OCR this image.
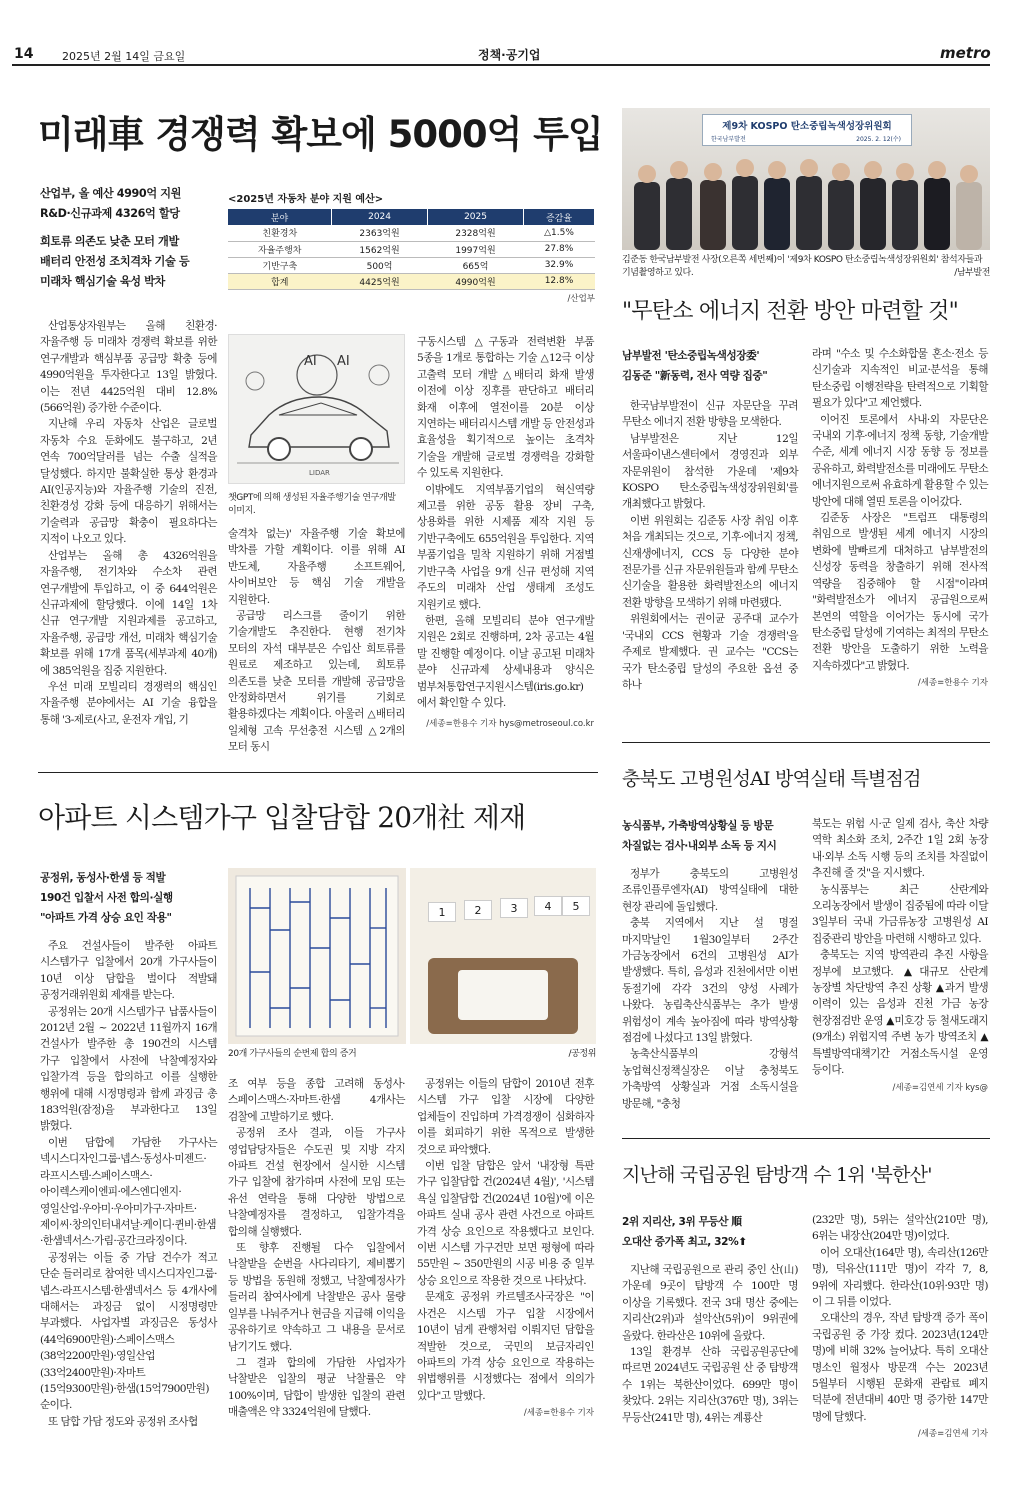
14	2025년 2월 14일 금요일	정책·공기업	metro
미래車 경쟁력 확보에 5000억 투입
산업부, 올 예산 4990억 지원
R&D·신규과제 4326억 할당
희토류 의존도 낮춘 모터 개발
배터리 안전성 조치격차 기술 등
미래차 핵심기술 육성 박차
<2025년 자동차 분야 지원 예산>
분야	2024	2025	증감율
친환경차	2363억원	2328억원	△1.5%
자율주행차	1562억원	1997억원	27.8%
기반구축	500억	665억	32.9%
합계	4425억원	4990억원	12.8%
/산업부

산업통상자원부는 올해 친환경·자율주행 등 미래차 경쟁력 확보를 위한 연구개발과 핵심부품 공급망 확충 등에 4990억원을 투자한다고 13일 밝혔다. 이는 전년 4425억원 대비 12.8% (566억원) 증가한 수준이다.

지난해 우리 자동차 산업은 글로벌 자동차 수요 둔화에도 불구하고, 2년 연속 700억달러를 넘는 수출 실적을 달성했다. 하지만 불확실한 통상 환경과 AI(인공지능)와 자율주행 기술의 진전, 친환경성 강화 등에 대응하기 위해서는 기술력과 공급망 확충이 필요하다는 지적이 나오고 있다.

산업부는 올해 총 4326억원을 자율주행, 전기차와 수소차 관련 연구개발에 투입하고, 이 중 644억원은 신규과제에 할당했다. 이에 14일 1차 신규 연구개발 지원과제를 공고하고, 자율주행, 공급망 개선, 미래차 핵심기술 확보를 위해 17개 품목(세부과제 40개)에 385억원을 집중 지원한다.

우선 미래 모빌리티 경쟁력의 핵심인 자율주행 분야에서는 AI 기술 융합을 통해 '3-제로(사고, 운전자 개입, 기

AI AI
LIDAR
챗GPT에 의해 생성된 자율주행기술 연구개발 이미지.

술격차 없는)' 자율주행 기술 확보에 박차를 가할 계획이다. 이를 위해 AI 반도체, 자율주행 소프트웨어, 사이버보안 등 핵심 기술 개발을 지원한다.

공급망 리스크를 줄이기 위한 기술개발도 추진한다. 현행 전기차 모터의 자석 대부분은 수입산 희토류를 원료로 제조하고 있는데, 희토류 의존도를 낮춘 모터를 개발해 공급망을 안정화하면서 위기를 기회로 활용하겠다는 계획이다. 아울러 △배터리 일체형 고속 무선충전 시스템 △2개의 모터 동시

구동시스템 △구동과 전력변환 부품 5종을 1개로 통합하는 기술 △12극 이상 고출력 모터 개발 △배터리 화재 발생 이전에 이상 징후를 판단하고 배터리 화재 이후에 열전이를 20분 이상 지연하는 배터리시스템 개발 등 안전성과 효율성을 획기적으로 높이는 초격차 기술을 개발해 글로벌 경쟁력을 강화할 수 있도록 지원한다.

이밖에도 지역부품기업의 혁신역량 제고를 위한 공동 활용 장비 구축, 상용화를 위한 시제품 제작 지원 등 기반구축에도 655억원을 투입한다. 지역 부품기업을 밀착 지원하기 위해 거점별 기반구축 사업을 9개 신규 편성해 지역 주도의 미래차 산업 생태계 조성도 지원키로 했다.

한편, 올해 모빌리티 분야 연구개발 지원은 2회로 진행하며, 2차 공고는 4월 말 진행할 예정이다. 이날 공고된 미래차 분야 신규과제 상세내용과 양식은 범부처통합연구지원시스템(iris.go.kr)에서 확인할 수 있다.

/세종=한용수 기자 hys@metroseoul.co.kr
제9차 KOSPO 탄소중립녹색성장위원회
한국남부발전	2025. 2. 12(수)
김준동 한국남부발전 사장(오른쪽 세번째)이 '제9차 KOSPO 탄소중립녹색성장위원회' 참석자들과 기념촬영하고 있다.	/남부발전
"무탄소 에너지 전환 방안 마련할 것"
남부발전 '탄소중립녹색성장委'
김동준 "新동력, 전사 역량 집중"

한국남부발전이 신규 자문단을 꾸려 무탄소 에너지 전환 방향을 모색한다.

남부발전은 지난 12일 서울파이낸스센터에서 경영진과 외부 자문위원이 참석한 가운데 '제9차 KOSPO 탄소중립녹색성장위원회'를 개최했다고 밝혔다.

이번 위원회는 김준동 사장 취임 이후 처음 개최되는 것으로, 기후·에너지 정책, 신재생에너지, CCS 등 다양한 분야 전문가를 신규 자문위원들과 함께 무탄소 신기술을 활용한 화력발전소의 에너지 전환 방향을 모색하기 위해 마련됐다.

위원회에서는 권이균 공주대 교수가 '국내외 CCS 현황과 기술 경쟁력'을 주제로 발제했다. 권 교수는 "CCS는 국가 탄소중립 달성의 주요한 옵션 중 하나

라며 "수소 및 수소화합물 혼소·전소 등 신기술과 지속적인 비교·분석을 통해 탄소중립 이행전략을 탄력적으로 기획할 필요가 있다"고 제언했다.

이어진 토론에서 사내·외 자문단은 국내외 기후·에너지 정책 동향, 기술개발 수준, 세계 에너지 시장 동향 등 정보를 공유하고, 화력발전소를 미래에도 무탄소 에너지원으로써 유효하게 활용할 수 있는 방안에 대해 열띤 토론을 이어갔다.

김준동 사장은 "트럼프 대통령의 취임으로 발생된 세계 에너지 시장의 변화에 발빠르게 대처하고 남부발전의 신성장 동력을 창출하기 위해 전사적 역량을 집중해야 할 시점"이라며 "화력발전소가 에너지 공급원으로써 본연의 역할을 이어가는 동시에 국가 탄소중립 달성에 기여하는 최적의 무탄소 전환 방안을 도출하기 위한 노력을 지속하겠다"고 밝혔다.

/세종=한용수 기자
충북도 고병원성AI 방역실태 특별점검
농식품부, 가축방역상황실 등 방문
차질없는 검사·내외부 소독 등 지시

정부가 충북도의 고병원성 조류인플루엔자(AI) 방역실태에 대한 현장 관리에 돌입했다.

충북 지역에서 지난 설 명절 마지막날인 1월30일부터 2주간 가금농장에서 6건의 고병원성 AI가 발생했다. 특히, 음성과 진천에서만 이번 동절기에 각각 3건의 양성 사례가 나왔다. 농림축산식품부는 추가 발생 위험성이 계속 높아짐에 따라 방역상황 점검에 나섰다고 13일 밝혔다.

농축산식품부의 강형석 농업혁신정책실장은 이날 충청북도 가축방역 상황실과 거점 소독시설을 방문해, "충청

북도는 위험 시·군 일제 검사, 축산 차량 역학 최소화 조치, 2주간 1일 2회 농장 내·외부 소독 시행 등의 조치를 차질없이 추진해 줄 것"을 지시했다.

농식품부는 최근 산란계와 오리농장에서 발생이 집중됨에 따라 이달 3일부터 국내 가금류농장 고병원성 AI 집중관리 방안을 마련해 시행하고 있다.

충북도는 지역 방역관리 추진 사항을 정부에 보고했다. ▲대규모 산란계 농장별 차단방역 추진 상황 ▲과거 발생 이력이 있는 음성과 진천 가금 농장 현장점검반 운영 ▲미호강 등 철새도래지(9개소) 위험지역 주변 농가 방역조치 ▲특별방역대책기간 거점소독시설 운영 등이다.

/세종=김연세 기자 kys@
아파트 시스템가구 입찰담합 20개社 제재
공정위, 동성사·한샘 등 적발
190건 입찰서 사전 합의·실행
"아파트 가격 상승 요인 작용"

주요 건설사들이 발주한 아파트 시스템가구 입찰에서 20개 가구사들이 10년 이상 담합을 벌이다 적발돼 공정거래위원회 제재를 받는다.

공정위는 20개 시스템가구 납품사들이 2012년 2월 ~ 2022년 11월까지 16개 건설사가 발주한 총 190건의 시스템 가구 입찰에서 사전에 낙찰예정자와 입찰가격 등을 합의하고 이를 실행한 행위에 대해 시정명령과 함께 과징금 총 183억원(잠정)을 부과한다고 13일 밝혔다.

이번 담합에 가담한 가구사는 넥시스디자인그룹·넵스·동성사·미젠드·라프시스템·스페이스맥스·아이렉스케이엔피·에스엔디엔지·영일산업·우아미·우아미가구·자마트·제이씨·창의인터내셔날·케이디·퀸비·한샘·한샘넥서스·가림·공간크라징이다.

공정위는 이들 중 가담 건수가 적고 단순 들러리로 참여한 넥시스디자인그룹·넵스·라프시스템·한샘넥서스 등 4개사에 대해서는 과징금 없이 시정명령만 부과했다. 사업자별 과징금은 동성사(44억6900만원)·스페이스맥스(38억2200만원)·영일산업(33억2400만원)·자마트(15억9300만원)·한샘(15억7900만원) 순이다.

또 담합 가담 정도와 공정위 조사협

1	2	3	4	5
20개 가구사들의 순번제 합의 증거	/공정위

조 여부 등을 종합 고려해 동성사·스페이스맥스·자마트·한샘 4개사는 검찰에 고발하기로 했다.

공정위 조사 결과, 이들 가구사 영업담당자들은 수도권 및 지방 각지 아파트 건설 현장에서 실시한 시스템 가구 입찰에 참가하며 사전에 모임 또는 유선 연락을 통해 다양한 방법으로 낙찰예정자를 결정하고, 입찰가격을 합의해 실행했다.

또 향후 진행될 다수 입찰에서 낙찰받을 순번을 사다리타기, 제비뽑기 등 방법을 동원해 정했고, 낙찰예정사가 들러리 참여사에게 낙찰받은 공사 물량 일부를 나눠주거나 현금을 지급해 이익을 공유하기로 약속하고 그 내용을 문서로 남기기도 했다.

그 결과 합의에 가담한 사업자가 낙찰받은 입찰의 평균 낙찰률은 약 100%이며, 담합이 발생한 입찰의 관련 매출액은 약 3324억원에 달했다.

공정위는 이들의 담합이 2010년 전후 시스템 가구 입찰 시장에 다양한 업체들이 진입하며 가격경쟁이 심화하자 이를 회피하기 위한 목적으로 발생한 것으로 파악했다.

이번 입찰 담합은 앞서 '내장형 특판 가구 입찰담합 건(2024년 4월)', '시스템 욕실 입찰담합 건(2024년 10월)'에 이은 아파트 실내 공사 관련 사건으로 아파트 가격 상승 요인으로 작용했다고 보인다. 이번 시스템 가구건만 보면 평형에 따라 55만원 ~ 350만원의 시공 비용 중 일부 상승 요인으로 작용한 것으로 나타났다.

문재호 공정위 카르텔조사국장은 "이 사건은 시스템 가구 입찰 시장에서 10년이 넘게 관행처럼 이뤄지던 담합을 적발한 것으로, 국민의 보금자리인 아파트의 가격 상승 요인으로 작용하는 위법행위를 시정했다는 점에서 의의가 있다"고 말했다.

/세종=한용수 기자
지난해 국립공원 탐방객 수 1위 '북한산'
2위 지리산, 3위 무등산 順
오대산 증가폭 최고, 32%⬆

지난해 국립공원으로 관리 중인 산(山) 가운데 9곳이 탐방객 수 100만 명 이상을 기록했다. 전국 3대 명산 중에는 지리산(2위)과 설악산(5위)이 9위권에 올랐다. 한라산은 10위에 올랐다.

13일 환경부 산하 국립공원공단에 따르면 2024년도 국립공원 산 중 탐방객 수 1위는 북한산이었다. 699만 명이 찾았다. 2위는 지리산(376만 명), 3위는 무등산(241만 명), 4위는 계룡산

(232만 명), 5위는 설악산(210만 명), 6위는 내장산(204만 명)이었다.

이어 오대산(164만 명), 속리산(126만 명), 덕유산(111만 명)이 각각 7, 8, 9위에 자리했다. 한라산(10위·93만 명)이 그 뒤를 이었다.

오대산의 경우, 작년 탐방객 증가 폭이 국립공원 중 가장 컸다. 2023년(124만 명)에 비해 32% 늘어났다. 특히 오대산 명소인 월정사 방문객 수는 2023년 5월부터 시행된 문화재 관람료 폐지 덕분에 전년대비 40만 명 증가한 147만 명에 달했다.

/세종=김연세 기자
